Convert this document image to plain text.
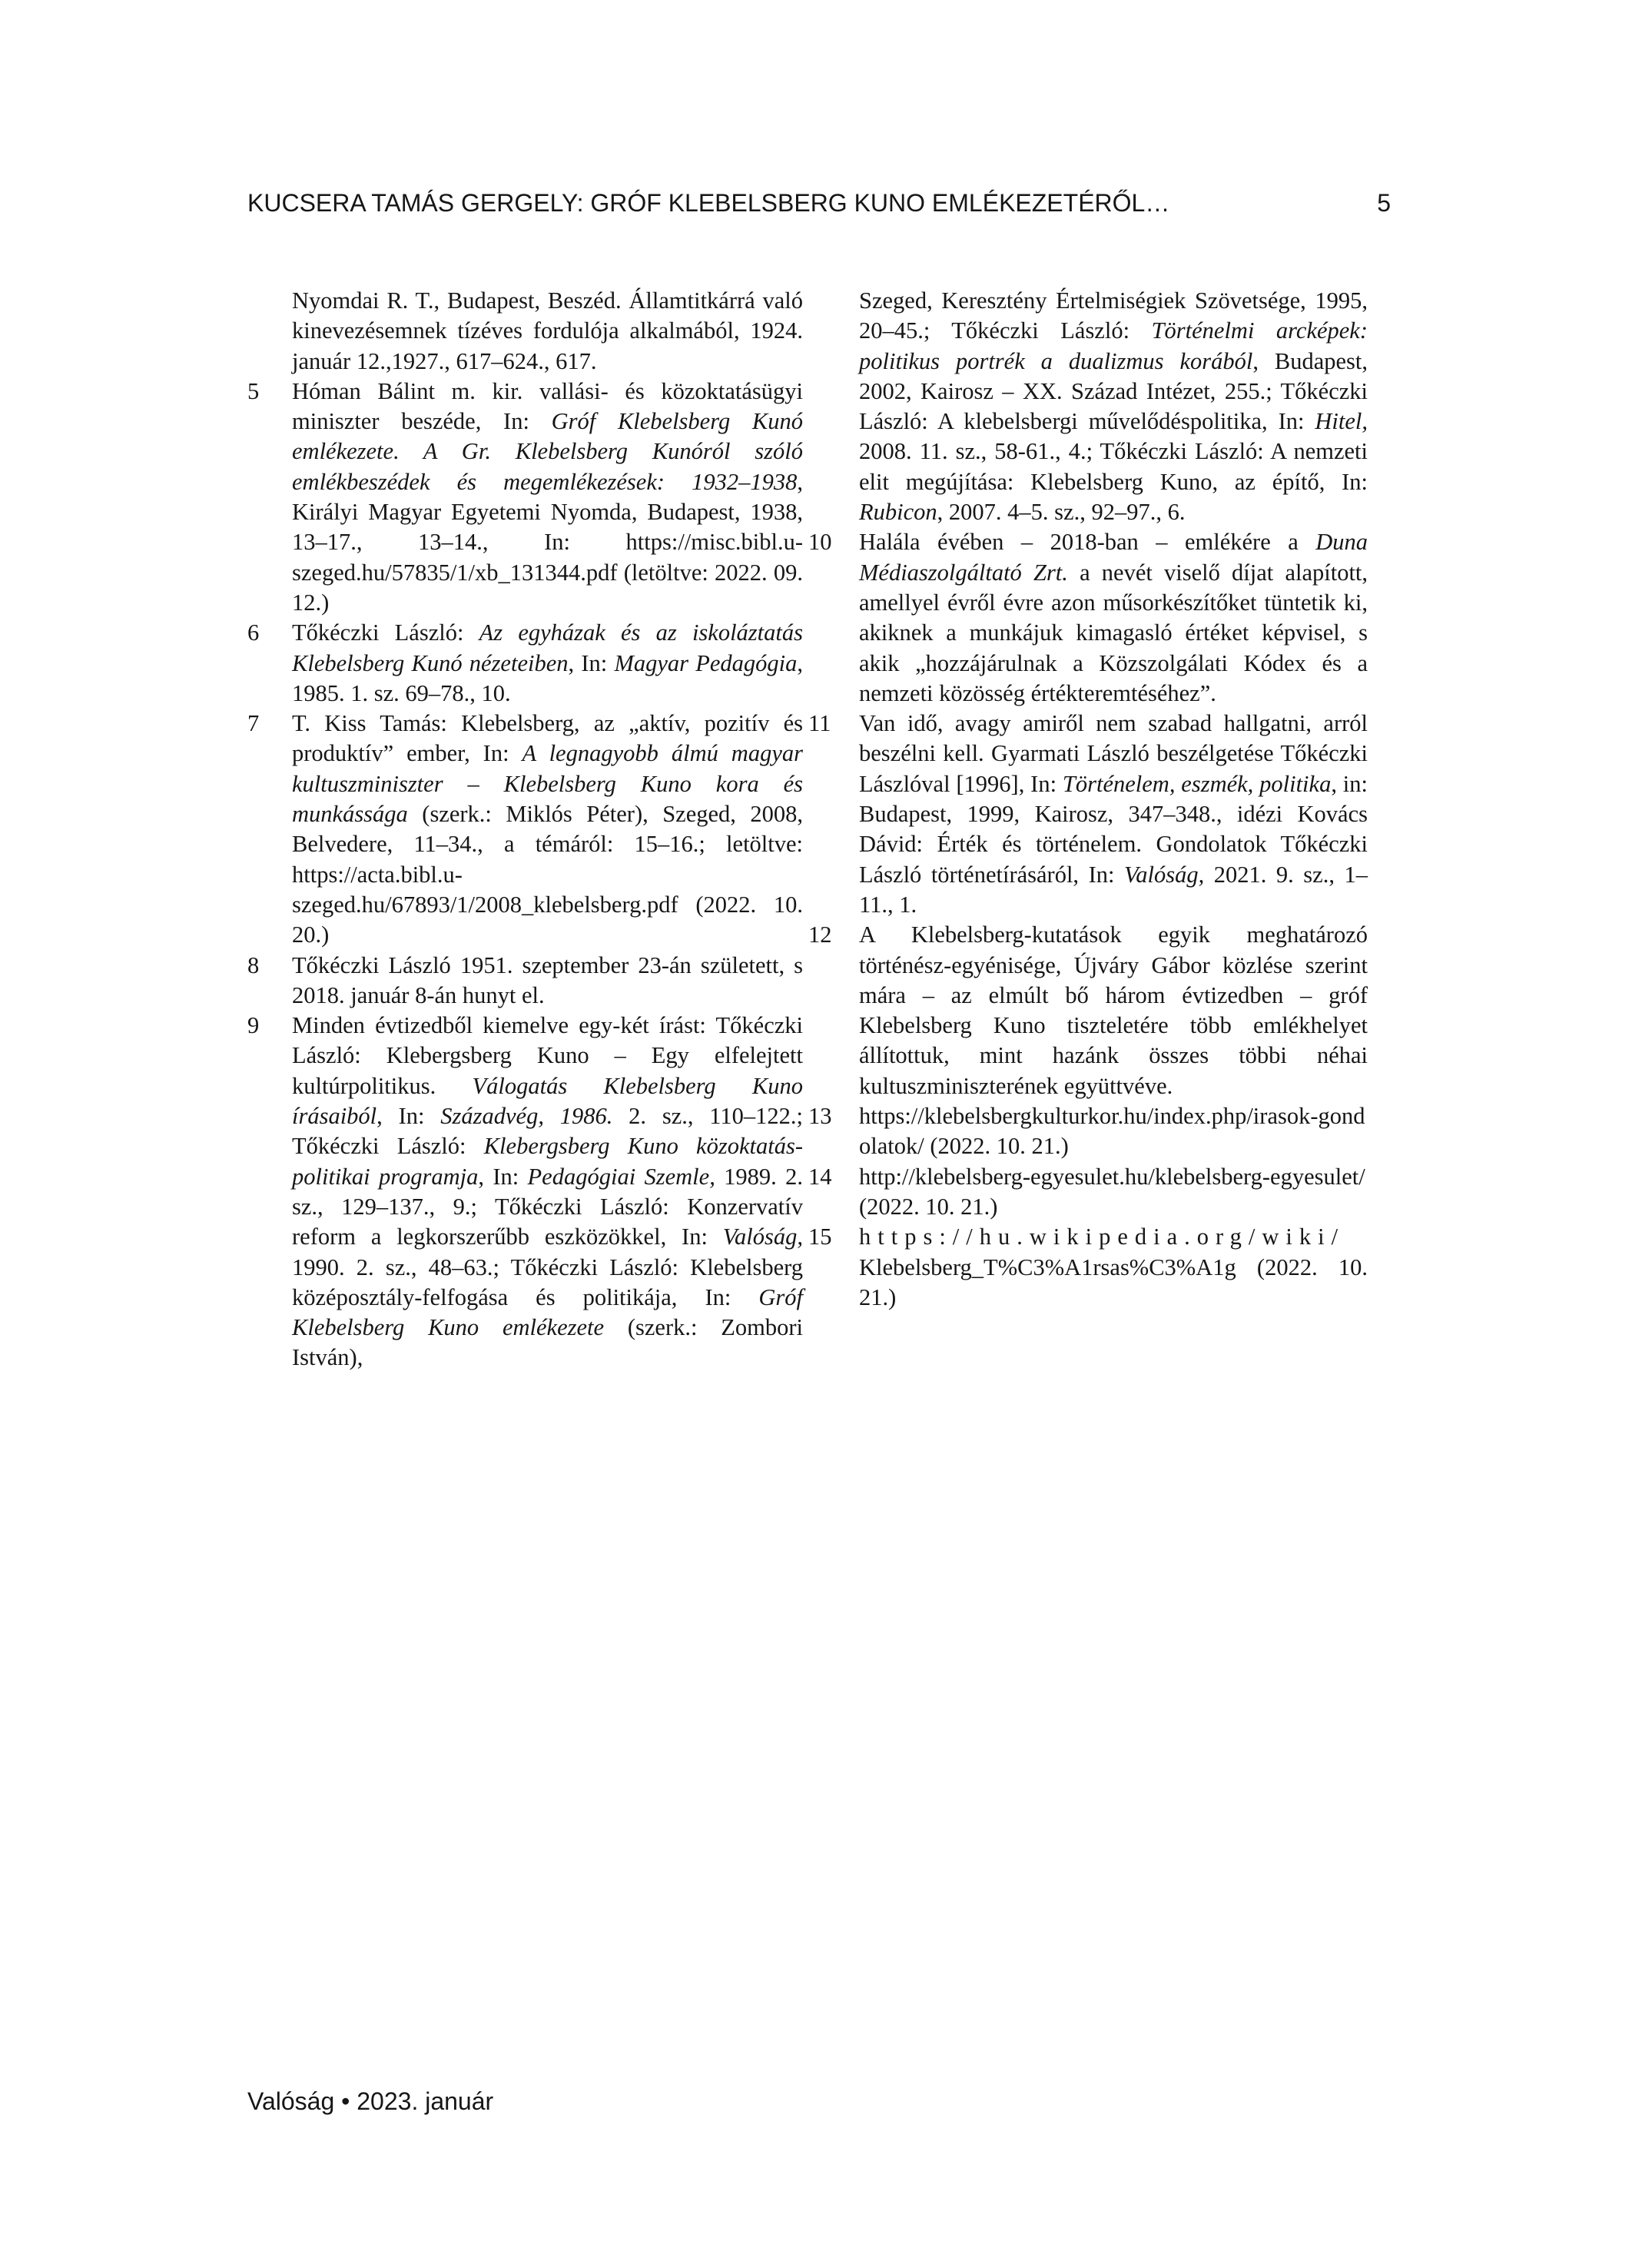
KUCSERA TAMÁS GERGELY: GRÓF KLEBELSBERG KUNO EMLÉKEZETÉRŐL…	5

Nyomdai R. T., Budapest, Beszéd. Államtitkárrá való kinevezésemnek tízéves fordulója alkalmából, 1924. január 12.,1927., 617–624., 617.

5 Hóman Bálint m. kir. vallási- és közoktatásügyi miniszter beszéde, In: Gróf Klebelsberg Kunó emlékezete. A Gr. Klebelsberg Kunóról szóló emlékbeszédek és megemlékezések: 1932–1938, Királyi Magyar Egyetemi Nyomda, Budapest, 1938, 13–17., 13–14., In: https://misc.bibl.u-szeged.hu/57835/1/xb_131344.pdf (letöltve: 2022. 09. 12.)

6 Tőkéczki László: Az egyházak és az iskoláztatás Klebelsberg Kunó nézeteiben, In: Magyar Pedagógia, 1985. 1. sz. 69–78., 10.

7 T. Kiss Tamás: Klebelsberg, az „aktív, pozitív és produktív” ember, In: A legnagyobb álmú magyar kultuszminiszter – Klebelsberg Kuno kora és munkássága (szerk.: Miklós Péter), Szeged, 2008, Belvedere, 11–34., a témáról: 15–16.; letöltve: https://acta.bibl.u-szeged.hu/67893/1/2008_klebelsberg.pdf (2022. 10. 20.)

8 Tőkéczki László 1951. szeptember 23-án született, s 2018. január 8-án hunyt el.

9 Minden évtizedből kiemelve egy-két írást: Tőkéczki László: Klebergsberg Kuno – Egy elfelejtett kultúrpolitikus. Válogatás Klebelsberg Kuno írásaiból, In: Századvég, 1986. 2. sz., 110–122.; Tőkéczki László: Klebergsberg Kuno közoktatás-politikai programja, In: Pedagógiai Szemle, 1989. 2. sz., 129–137., 9.; Tőkéczki László: Konzervatív reform a legkorszerűbb eszközökkel, In: Valóság, 1990. 2. sz., 48–63.; Tőkéczki László: Klebelsberg középosztály-felfogása és politikája, In: Gróf Klebelsberg Kuno emlékezete (szerk.: Zombori István),

Szeged, Keresztény Értelmiségiek Szövetsége, 1995, 20–45.; Tőkéczki László: Történelmi arcképek: politikus portrék a dualizmus korából, Budapest, 2002, Kairosz – XX. Század Intézet, 255.; Tőkéczki László: A klebelsbergi művelődéspolitika, In: Hitel, 2008. 11. sz., 58-61., 4.; Tőkéczki László: A nemzeti elit megújítása: Klebelsberg Kuno, az építő, In: Rubicon, 2007. 4–5. sz., 92–97., 6.

10 Halála évében – 2018-ban – emlékére a Duna Médiaszolgáltató Zrt. a nevét viselő díjat alapított, amellyel évről évre azon műsorkészítőket tüntetik ki, akiknek a munkájuk kimagasló értéket képvisel, s akik „hozzájárulnak a Közszolgálati Kódex és a nemzeti közösség értékteremtéséhez”.

11 Van idő, avagy amiről nem szabad hallgatni, arról beszélni kell. Gyarmati László beszélgetése Tőkéczki Lászlóval [1996], In: Történelem, eszmék, politika, in: Budapest, 1999, Kairosz, 347–348., idézi Kovács Dávid: Érték és történelem. Gondolatok Tőkéczki László történetírásáról, In: Valóság, 2021. 9. sz., 1–11., 1.

12 A Klebelsberg-kutatások egyik meghatározó történész-egyénisége, Újváry Gábor közlése szerint mára – az elmúlt bő három évtizedben – gróf Klebelsberg Kuno tiszteletére több emlékhelyet állítottuk, mint hazánk összes többi néhai kultuszminiszterének együttvéve.

13 https://klebelsbergkulturkor.hu/index.php/irasok-gondolatok/ (2022. 10. 21.)

14 http://klebelsberg-egyesulet.hu/klebelsberg-egyesulet/ (2022. 10. 21.)

15 https://hu.wikipedia.org/wiki/
Klebelsberg_T%C3%A1rsas%C3%A1g (2022. 10. 21.)

Valóság • 2023. január
